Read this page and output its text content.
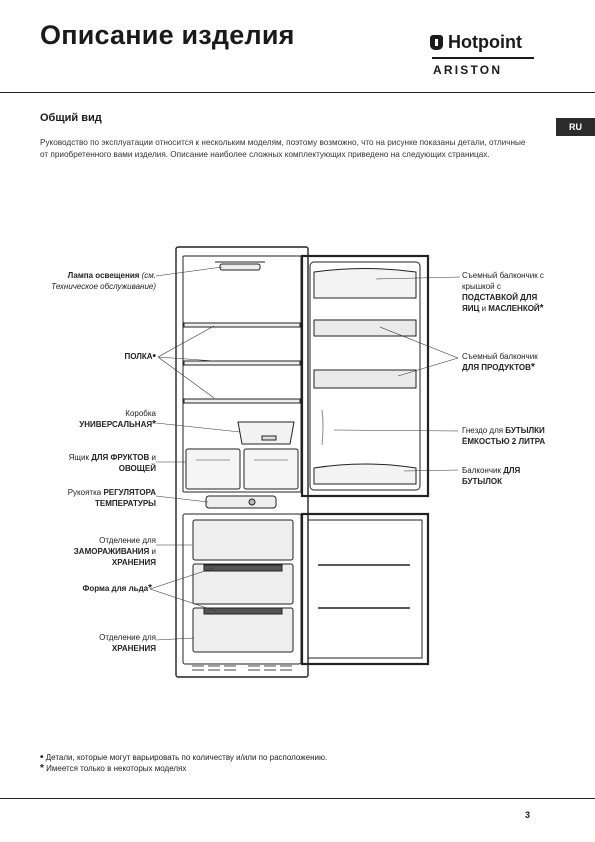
Описание изделия	Hotpoint
ARISTON
RU
Общий вид
Руководство по эксплуатации относится к нескольким моделям, поэтому возможно, что на рисунке показаны детали, отличные от приобретенного вами изделия. Описание наиболее сложных комплектующих приведено на следующих страницах.
Лампа освещения (см.
Техническое обслуживание)
ПОЛКА•
Коробка
УНИВЕРСАЛЬНАЯ*
Ящик ДЛЯ ФРУКТОВ и
ОВОЩЕЙ
Рукоятка РЕГУЛЯТОРА
ТЕМПЕРАТУРЫ
Отделение для
ЗАМОРАЖИВАНИЯ и
ХРАНЕНИЯ
Форма для льда*
Отделение для
ХРАНЕНИЯ
Съемный балкончик с
крышкой с
ПОДСТАВКОЙ ДЛЯ
ЯИЦ и МАСЛЕНКОЙ*
Съемный балкончик
ДЛЯ ПРОДУКТОВ*
Гнездо для БУТЫЛКИ
ЁМКОСТЬЮ 2 ЛИТРА
Балкончик ДЛЯ
БУТЫЛОК
• Детали, которые могут варьировать по количеству и/или по расположению.
* Имеется только в некоторых моделях
3
